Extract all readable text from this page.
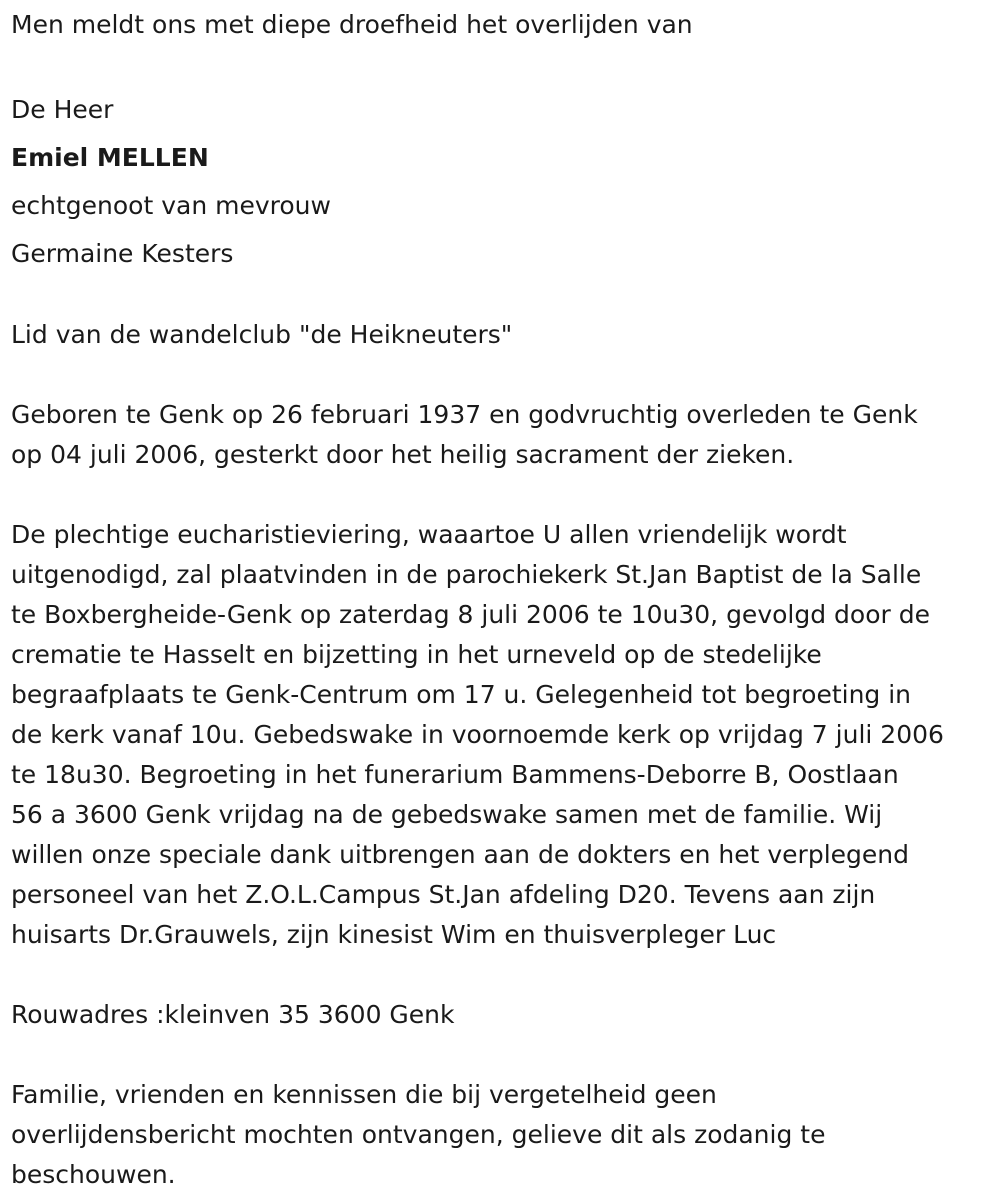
Men meldt ons met diepe droefheid het overlijden van

De Heer

Emiel MELLEN

echtgenoot van mevrouw

Germaine Kesters

Lid van de wandelclub "de Heikneuters"

Geboren te Genk op 26 februari 1937 en godvruchtig overleden te Genk

op 04 juli 2006, gesterkt door het heilig sacrament der zieken.

De plechtige eucharistieviering, waaartoe U allen vriendelijk wordt

uitgenodigd, zal plaatvinden in de parochiekerk St.Jan Baptist de la Salle

te Boxbergheide-Genk op zaterdag 8 juli 2006 te 10u30, gevolgd door de

crematie te Hasselt en bijzetting in het urneveld op de stedelijke

begraafplaats te Genk-Centrum om 17 u. Gelegenheid tot begroeting in

de kerk vanaf 10u. Gebedswake in voornoemde kerk op vrijdag 7 juli 2006

te 18u30. Begroeting in het funerarium Bammens-Deborre B, Oostlaan

56 a 3600 Genk vrijdag na de gebedswake samen met de familie. Wij

willen onze speciale dank uitbrengen aan de dokters en het verplegend

personeel van het Z.O.L.Campus St.Jan afdeling D20. Tevens aan zijn

huisarts Dr.Grauwels, zijn kinesist Wim en thuisverpleger Luc

Rouwadres :kleinven 35 3600 Genk

Familie, vrienden en kennissen die bij vergetelheid geen

overlijdensbericht mochten ontvangen, gelieve dit als zodanig te

beschouwen.
